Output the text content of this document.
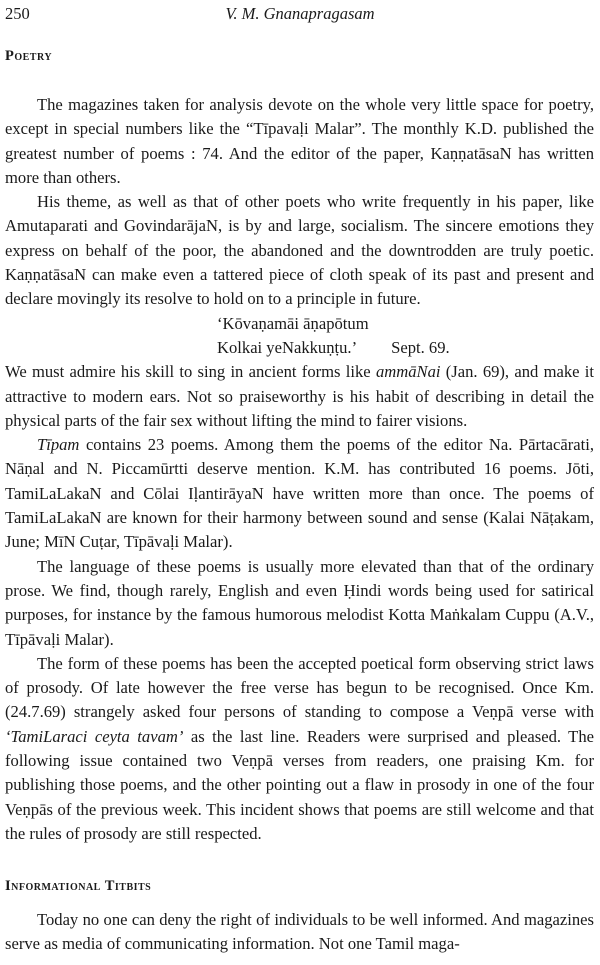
250	V. M. Gnanapragasam
Poetry

The magazines taken for analysis devote on the whole very little space for poetry, except in special numbers like the “Tīpavaḷi Malar”. The monthly K.D. published the greatest number of poems : 74. And the editor of the paper, KaṇṇatāsaN has written more than others.

His theme, as well as that of other poets who write frequently in his paper, like Amutaparati and GovindarājaN, is by and large, socialism. The sincere emotions they express on behalf of the poor, the abandoned and the downtrodden are truly poetic. KaṇṇatāsaN can make even a tattered piece of cloth speak of its past and present and declare movingly its resolve to hold on to a principle in future.

‘Kōvaṇamāi āṇapōtum
Kolkai yeNakkuṇṭu.’ Sept. 69.

We must admire his skill to sing in ancient forms like ammāNai (Jan. 69), and make it attractive to modern ears. Not so praiseworthy is his habit of describing in detail the physical parts of the fair sex without lifting the mind to fairer visions.

Tīpam contains 23 poems. Among them the poems of the editor Na. Pārtacārati, Nāṇal and N. Piccamūrtti deserve mention. K.M. has contributed 16 poems. Jōti, TamiLaLakaN and Cōlai IḷantirāyaN have written more than once. The poems of TamiLaLakaN are known for their harmony between sound and sense (Kalai Nāṭakam, June; MīN Cuṭar, Tīpāvaḷi Malar).

The language of these poems is usually more elevated than that of the ordinary prose. We find, though rarely, English and even Ḥindi words being used for satirical purposes, for instance by the famous humorous melodist Kotta Maṅkalam Cuppu (A.V., Tīpāvaḷi Malar).

The form of these poems has been the accepted poetical form observing strict laws of prosody. Of late however the free verse has begun to be recognised. Once Km. (24.7.69) strangely asked four persons of standing to compose a Veṇpā verse with ‘TamiLaraci ceyta tavam’ as the last line. Readers were surprised and pleased. The following issue contained two Veṇpā verses from readers, one praising Km. for publishing those poems, and the other pointing out a flaw in prosody in one of the four Veṇpās of the previous week. This incident shows that poems are still welcome and that the rules of prosody are still respected.

Informational Titbits

Today no one can deny the right of individuals to be well informed. And magazines serve as media of communicating information. Not one Tamil maga-
